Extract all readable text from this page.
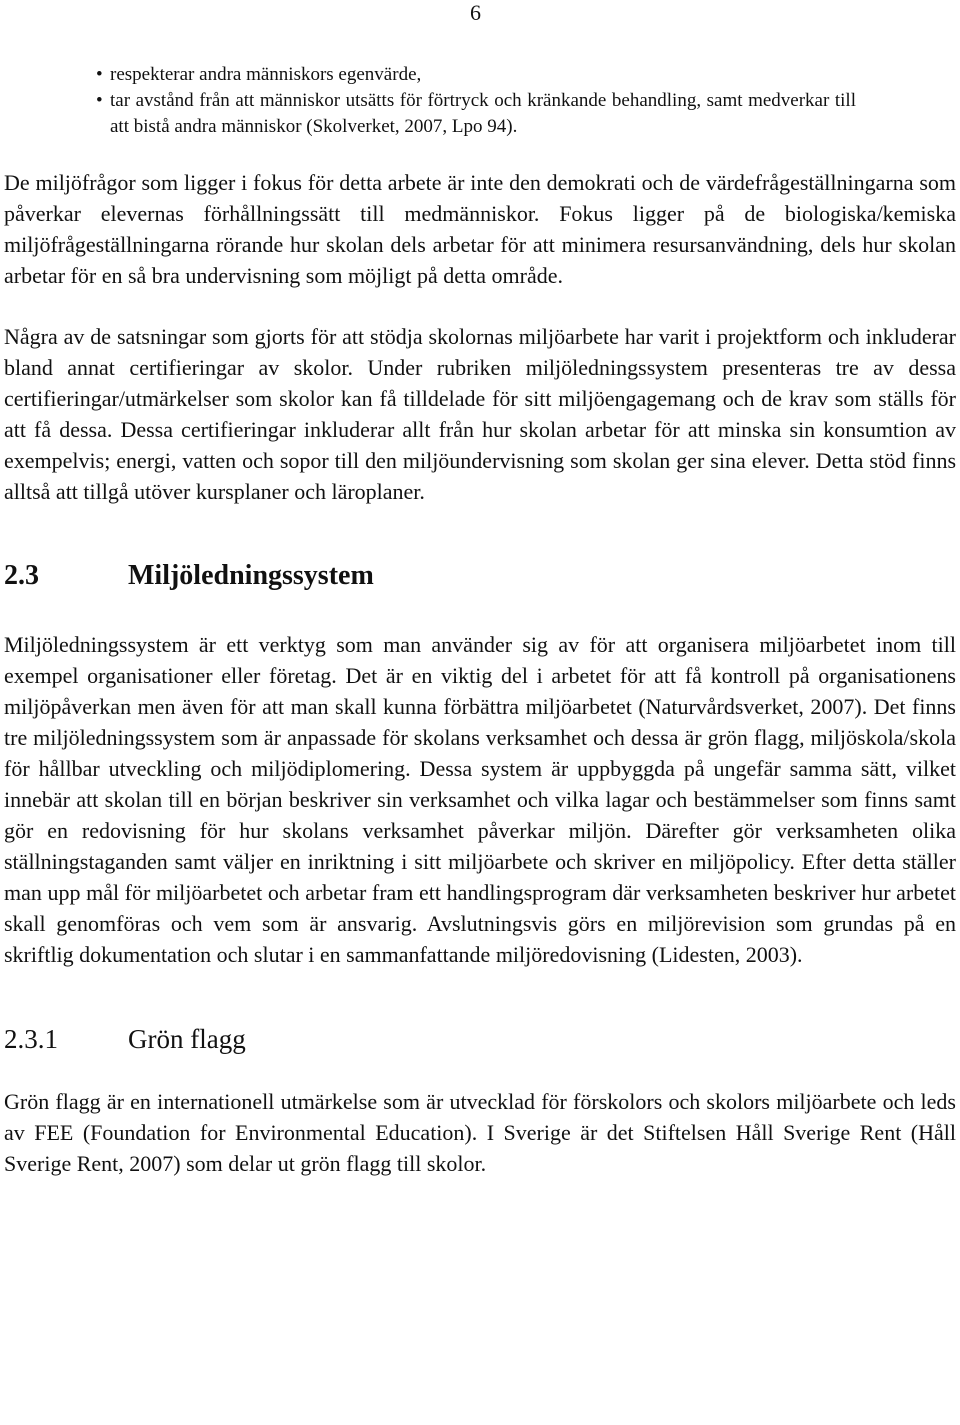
6
• respekterar andra människors egenvärde,
• tar avstånd från att människor utsätts för förtryck och kränkande behandling, samt medverkar till att bistå andra människor (Skolverket, 2007, Lpo 94).

De miljöfrågor som ligger i fokus för detta arbete är inte den demokrati och de värdefrågeställningarna som påverkar elevernas förhållningssätt till medmänniskor. Fokus ligger på de biologiska/kemiska miljöfrågeställningarna rörande hur skolan dels arbetar för att minimera resursanvändning, dels hur skolan arbetar för en så bra undervisning som möjligt på detta område.

Några av de satsningar som gjorts för att stödja skolornas miljöarbete har varit i projektform och inkluderar bland annat certifieringar av skolor. Under rubriken miljöledningssystem presenteras tre av dessa certifieringar/utmärkelser som skolor kan få tilldelade för sitt miljöengagemang och de krav som ställs för att få dessa. Dessa certifieringar inkluderar allt från hur skolan arbetar för att minska sin konsumtion av exempelvis; energi, vatten och sopor till den miljöundervisning som skolan ger sina elever. Detta stöd finns alltså att tillgå utöver kursplaner och läroplaner.

2.3	Miljöledningssystem

Miljöledningssystem är ett verktyg som man använder sig av för att organisera miljöarbetet inom till exempel organisationer eller företag. Det är en viktig del i arbetet för att få kontroll på organisationens miljöpåverkan men även för att man skall kunna förbättra miljöarbetet (Naturvårdsverket, 2007). Det finns tre miljöledningssystem som är anpassade för skolans verksamhet och dessa är grön flagg, miljöskola/skola för hållbar utveckling och miljödiplomering. Dessa system är uppbyggda på ungefär samma sätt, vilket innebär att skolan till en början beskriver sin verksamhet och vilka lagar och bestämmelser som finns samt gör en redovisning för hur skolans verksamhet påverkar miljön. Därefter gör verksamheten olika ställningstaganden samt väljer en inriktning i sitt miljöarbete och skriver en miljöpolicy. Efter detta ställer man upp mål för miljöarbetet och arbetar fram ett handlingsprogram där verksamheten beskriver hur arbetet skall genomföras och vem som är ansvarig. Avslutningsvis görs en miljörevision som grundas på en skriftlig dokumentation och slutar i en sammanfattande miljöredovisning (Lidesten, 2003).

2.3.1	Grön flagg

Grön flagg är en internationell utmärkelse som är utvecklad för förskolors och skolors miljöarbete och leds av FEE (Foundation for Environmental Education). I Sverige är det Stiftelsen Håll Sverige Rent (Håll Sverige Rent, 2007) som delar ut grön flagg till skolor.
